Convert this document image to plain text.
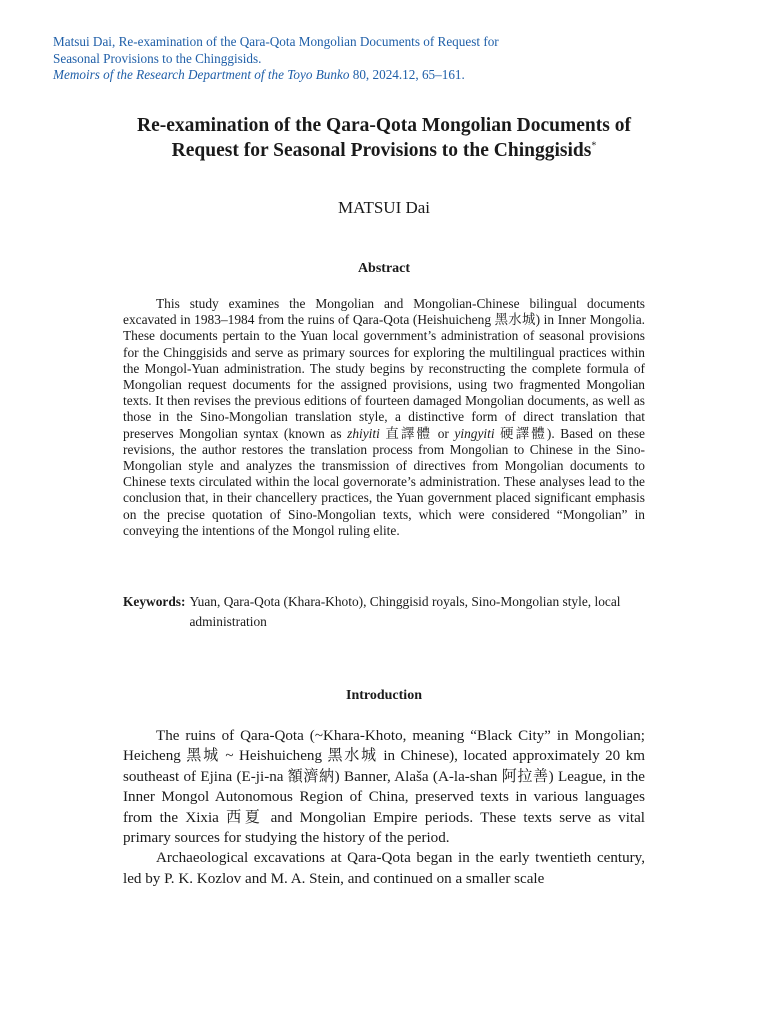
Matsui Dai, Re-examination of the Qara-Qota Mongolian Documents of Request for
Seasonal Provisions to the Chinggisids.
Memoirs of the Research Department of the Toyo Bunko 80, 2024.12, 65–161.
Re-examination of the Qara-Qota Mongolian Documents of
Request for Seasonal Provisions to the Chinggisids*
MATSUI Dai
Abstract

This study examines the Mongolian and Mongolian-Chinese bilingual documents excavated in 1983–1984 from the ruins of Qara-Qota (Heishuicheng 黑水城) in Inner Mongolia. These documents pertain to the Yuan local government’s administration of seasonal provisions for the Chinggisids and serve as primary sources for exploring the multilingual practices within the Mongol-Yuan administration. The study begins by reconstructing the complete formula of Mongolian request documents for the assigned provisions, using two fragmented Mongolian texts. It then revises the previous editions of fourteen damaged Mongolian documents, as well as those in the Sino-Mongolian translation style, a distinctive form of direct translation that preserves Mongolian syntax (known as zhiyiti 直譯體 or yingyiti 硬譯體). Based on these revisions, the author restores the translation process from Mongolian to Chinese in the Sino-Mongolian style and analyzes the transmission of directives from Mongolian documents to Chinese texts circulated within the local governorate’s administration. These analyses lead to the conclusion that, in their chancellery practices, the Yuan government placed significant emphasis on the precise quotation of Sino-Mongolian texts, which were considered “Mongolian” in conveying the intentions of the Mongol ruling elite.

Keywords: Yuan, Qara-Qota (Khara-Khoto), Chinggisid royals, Sino-Mongolian style, local administration
Introduction

The ruins of Qara-Qota (~Khara-Khoto, meaning “Black City” in Mongolian; Heicheng 黑城 ~ Heishuicheng 黑水城 in Chinese), located approximately 20 km southeast of Ejina (E-ji-na 額濟納) Banner, Alaša (A-la-shan 阿拉善) League, in the Inner Mongol Autonomous Region of China, preserved texts in various languages from the Xixia 西夏 and Mongolian Empire periods. These texts serve as vital primary sources for studying the history of the period.

Archaeological excavations at Qara-Qota began in the early twentieth century, led by P. K. Kozlov and M. A. Stein, and continued on a smaller scale
